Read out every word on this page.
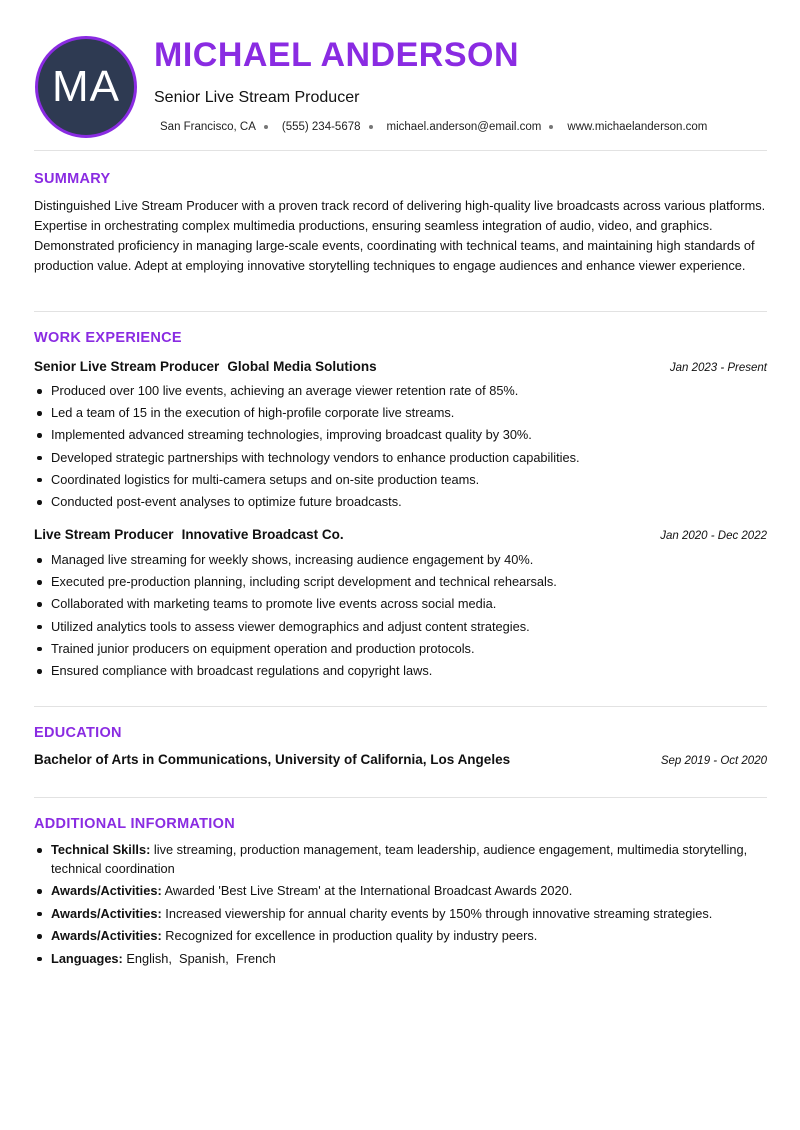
MA
MICHAEL ANDERSON
Senior Live Stream Producer
San Francisco, CA (555) 234-5678 michael.anderson@email.com www.michaelanderson.com
SUMMARY
Distinguished Live Stream Producer with a proven track record of delivering high-quality live broadcasts across various platforms. Expertise in orchestrating complex multimedia productions, ensuring seamless integration of audio, video, and graphics. Demonstrated proficiency in managing large-scale events, coordinating with technical teams, and maintaining high standards of production value. Adept at employing innovative storytelling techniques to engage audiences and enhance viewer experience.
WORK EXPERIENCE
Senior Live Stream Producer Global Media Solutions	Jan 2023 - Present
Produced over 100 live events, achieving an average viewer retention rate of 85%.
Led a team of 15 in the execution of high-profile corporate live streams.
Implemented advanced streaming technologies, improving broadcast quality by 30%.
Developed strategic partnerships with technology vendors to enhance production capabilities.
Coordinated logistics for multi-camera setups and on-site production teams.
Conducted post-event analyses to optimize future broadcasts.
Live Stream Producer Innovative Broadcast Co.	Jan 2020 - Dec 2022
Managed live streaming for weekly shows, increasing audience engagement by 40%.
Executed pre-production planning, including script development and technical rehearsals.
Collaborated with marketing teams to promote live events across social media.
Utilized analytics tools to assess viewer demographics and adjust content strategies.
Trained junior producers on equipment operation and production protocols.
Ensured compliance with broadcast regulations and copyright laws.
EDUCATION
Bachelor of Arts in Communications, University of California, Los Angeles	Sep 2019 - Oct 2020
ADDITIONAL INFORMATION
Technical Skills: live streaming, production management, team leadership, audience engagement, multimedia storytelling, technical coordination
Awards/Activities: Awarded 'Best Live Stream' at the International Broadcast Awards 2020.
Awards/Activities: Increased viewership for annual charity events by 150% through innovative streaming strategies.
Awards/Activities: Recognized for excellence in production quality by industry peers.
Languages: English,  Spanish,  French
